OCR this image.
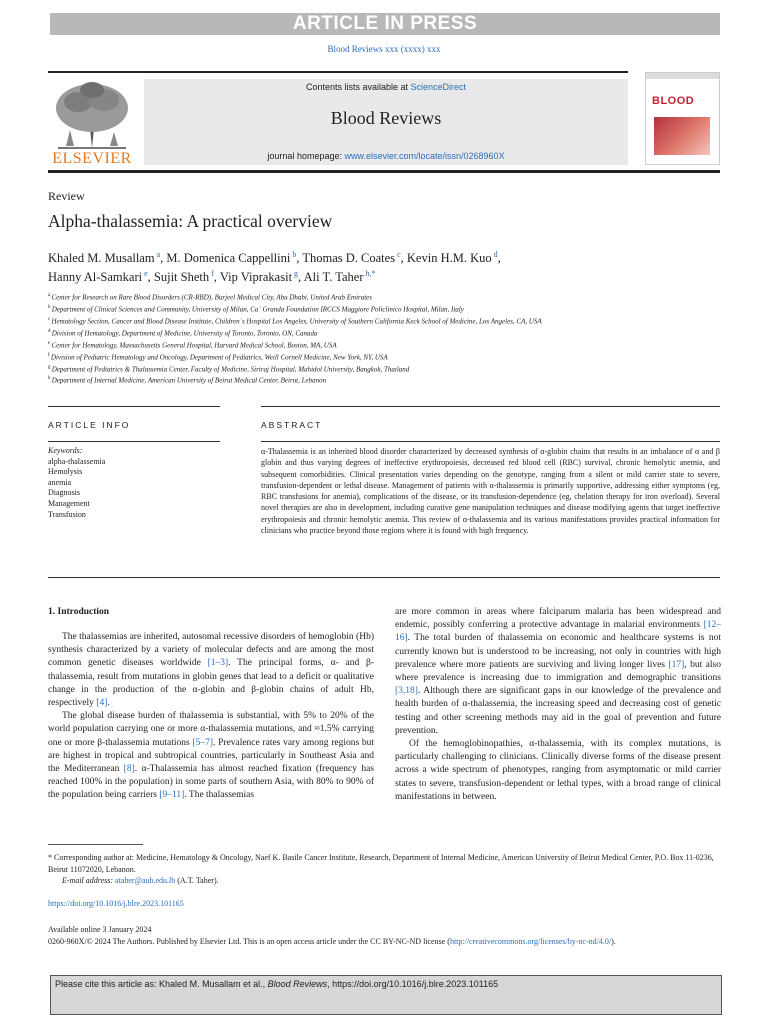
ARTICLE IN PRESS
Blood Reviews xxx (xxxx) xxx
ELSEVIER
Contents lists available at ScienceDirect
Blood Reviews
journal homepage: www.elsevier.com/locate/issn/0268960X
BLOOD
Review
Alpha-thalassemia: A practical overview
Khaled M. Musallam $^a$, M. Domenica Cappellini $^b$, Thomas D. Coates $^c$, Kevin H.M. Kuo $^d$,
Hanny Al-Samkari $^e$, Sujit Sheth $^f$, Vip Viprakasit $^g$, Ali T. Taher $^{h,*}$
$^a$ Center for Research on Rare Blood Disorders (CR-RBD), Burjeel Medical City, Abu Dhabi, United Arab Emirates
$^b$ Department of Clinical Sciences and Community, University of Milan, Ca` Granda Foundation IRCCS Maggiore Policlinico Hospital, Milan, Italy
$^c$ Hematology Section, Cancer and Blood Disease Institute, Children`s Hospital Los Angeles, University of Southern California Keck School of Medicine, Los Angeles, CA, USA
$^d$ Division of Hematology, Department of Medicine, University of Toronto, Toronto, ON, Canada
$^e$ Center for Hematology, Massachusetts General Hospital, Harvard Medical School, Boston, MA, USA
$^f$ Division of Pediatric Hematology and Oncology, Department of Pediatrics, Weill Cornell Medicine, New York, NY, USA
$^g$ Department of Pediatrics & Thalassemia Center, Faculty of Medicine, Siriraj Hospital, Mahidol University, Bangkok, Thailand
$^h$ Department of Internal Medicine, American University of Beirut Medical Center, Beirut, Lebanon
ARTICLE INFO	ABSTRACT
Keywords:
alpha-thalassemia
Hemolysis
anemia
Diagnosis
Management
Transfusion
α-Thalassemia is an inherited blood disorder characterized by decreased synthesis of α-globin chains that results in an imbalance of α and β globin and thus varying degrees of ineffective erythropoiesis, decreased red blood cell (RBC) survival, chronic hemolytic anemia, and subsequent comorbidities. Clinical presentation varies depending on the genotype, ranging from a silent or mild carrier state to severe, transfusion-dependent or lethal disease. Management of patients with α-thalassemia is primarily supportive, addressing either symptoms (eg, RBC transfusions for anemia), complications of the disease, or its transfusion-dependence (eg, chelation therapy for iron overload). Several novel therapies are also in development, including curative gene manipulation techniques and disease modifying agents that target ineffective erythropoiesis and chronic hemolytic anemia. This review of α-thalassemia and its various manifestations provides practical information for clinicians who practice beyond those regions where it is found with high frequency.
1. Introduction

The thalassemias are inherited, autosomal recessive disorders of hemoglobin (Hb) synthesis characterized by a variety of molecular defects and are among the most common genetic diseases worldwide [1–3]. The principal forms, α- and β-thalassemia, result from mutations in globin genes that lead to a deficit or qualitative change in the production of the α-globin and β-globin chains of adult Hb, respectively [4].

The global disease burden of thalassemia is substantial, with 5% to 20% of the world population carrying one or more α-thalassemia mutations, and ≈1.5% carrying one or more β-thalassemia mutations [5–7]. Prevalence rates vary among regions but are highest in tropical and subtropical countries, particularly in Southeast Asia and the Mediterranean [8]. α-Thalassemia has almost reached fixation (frequency has reached 100% in the population) in some parts of southern Asia, with 80% to 90% of the population being carriers [9–11]. The thalassemias

are more common in areas where falciparum malaria has been widespread and endemic, possibly conferring a protective advantage in malarial environments [12–16]. The total burden of thalassemia on economic and healthcare systems is not currently known but is understood to be increasing, not only in countries with high prevalence where more patients are surviving and living longer lives [17], but also where prevalence is increasing due to immigration and demographic transitions [3,18]. Although there are significant gaps in our knowledge of the prevalence and health burden of α-thalassemia, the increasing speed and decreasing cost of genetic testing and other screening methods may aid in the goal of prevention and future prevention.

Of the hemoglobinopathies, α-thalassemia, with its complex mutations, is particularly challenging to clinicians. Clinically diverse forms of the disease present across a wide spectrum of phenotypes, ranging from asymptomatic or mild carrier states to severe, transfusion-dependent or lethal types, with a broad range of clinical manifestations in between.

* Corresponding author at: Medicine, Hematology & Oncology, Naef K. Basile Cancer Institute, Research, Department of Internal Medicine, American University of Beirut Medical Center, P.O. Box 11-0236, Beirut 11072020, Lebanon.
E-mail address: ataher@aub.edu.lb (A.T. Taher).
https://doi.org/10.1016/j.blre.2023.101165
Available online 3 January 2024
0260-960X/© 2024 The Authors. Published by Elsevier Ltd. This is an open access article under the CC BY-NC-ND license (http://creativecommons.org/licenses/by-nc-nd/4.0/).
Please cite this article as: Khaled M. Musallam et al., Blood Reviews, https://doi.org/10.1016/j.blre.2023.101165
